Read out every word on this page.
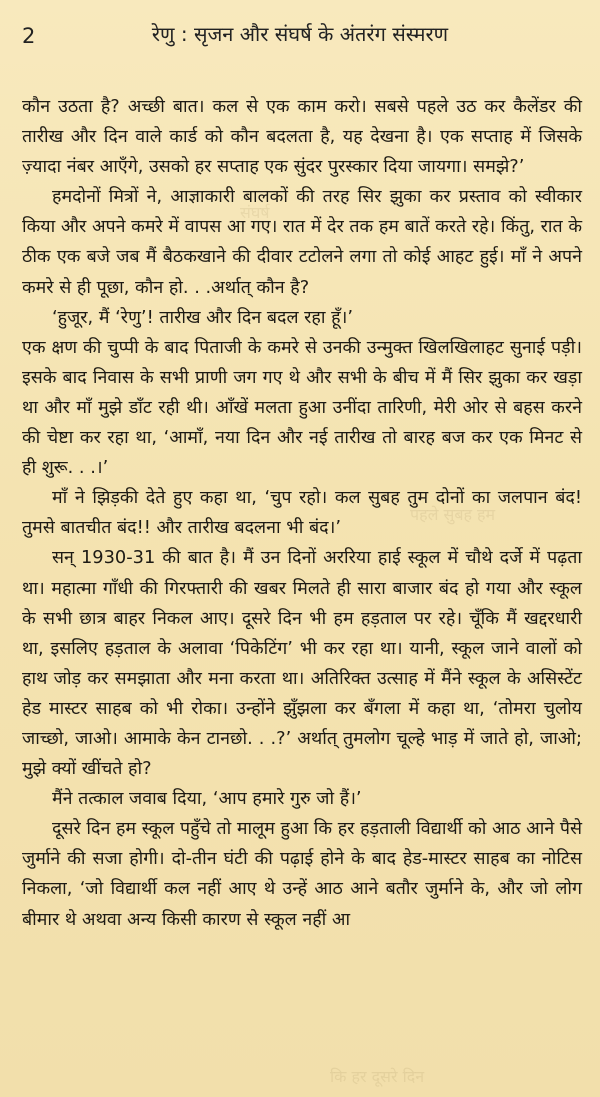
2	रेणु : सृजन और संघर्ष के अंतरंग संस्मरण
संघर्ष
पहले सुबह हम
कि हर दूसरे दिन

कौन उठता है? अच्छी बात। कल से एक काम करो। सबसे पहले उठ कर कैलेंडर की तारीख और दिन वाले कार्ड को कौन बदलता है, यह देखना है। एक सप्ताह में जिसके ज़्यादा नंबर आएँगे, उसको हर सप्ताह एक सुंदर पुरस्कार दिया जायगा। समझे?’

हमदोनों मित्रों ने, आज्ञाकारी बालकों की तरह सिर झुका कर प्रस्ताव को स्वीकार किया और अपने कमरे में वापस आ गए। रात में देर तक हम बातें करते रहे। किंतु, रात के ठीक एक बजे जब मैं बैठकखाने की दीवार टटोलने लगा तो कोई आहट हुई। माँ ने अपने कमरे से ही पूछा, कौन हो. . .अर्थात् कौन है?

‘हुजूर, मैं ‘रेणु’! तारीख और दिन बदल रहा हूँ।’

एक क्षण की चुप्पी के बाद पिताजी के कमरे से उनकी उन्मुक्त खिलखिलाहट सुनाई पड़ी। इसके बाद निवास के सभी प्राणी जग गए थे और सभी के बीच में मैं सिर झुका कर खड़ा था और माँ मुझे डाँट रही थी। आँखें मलता हुआ उनींदा तारिणी, मेरी ओर से बहस करने की चेष्टा कर रहा था, ‘आमाँ, नया दिन और नई तारीख तो बारह बज कर एक मिनट से ही शुरू. . .।’

माँ ने झिड़की देते हुए कहा था, ‘चुप रहो। कल सुबह तुम दोनों का जलपान बंद! तुमसे बातचीत बंद!! और तारीख बदलना भी बंद।’

सन् 1930-31 की बात है। मैं उन दिनों अररिया हाई स्कूल में चौथे दर्जे में पढ़ता था। महात्मा गाँधी की गिरफ्तारी की खबर मिलते ही सारा बाजार बंद हो गया और स्कूल के सभी छात्र बाहर निकल आए। दूसरे दिन भी हम हड़ताल पर रहे। चूँकि मैं खद्दरधारी था, इसलिए हड़ताल के अलावा ‘पिकेटिंग’ भी कर रहा था। यानी, स्कूल जाने वालों को हाथ जोड़ कर समझाता और मना करता था। अतिरिक्त उत्साह में मैंने स्कूल के असिस्टेंट हेड मास्टर साहब को भी रोका। उन्होंने झुँझला कर बँगला में कहा था, ‘तोमरा चुलोय जाच्छो, जाओ। आमाके केन टानछो. . .?’ अर्थात् तुमलोग चूल्हे भाड़ में जाते हो, जाओ; मुझे क्यों खींचते हो?

मैंने तत्काल जवाब दिया, ‘आप हमारे गुरु जो हैं।’

दूसरे दिन हम स्कूल पहुँचे तो मालूम हुआ कि हर हड़ताली विद्यार्थी को आठ आने पैसे जुर्माने की सजा होगी। दो-तीन घंटी की पढ़ाई होने के बाद हेड-मास्टर साहब का नोटिस निकला, ‘जो विद्यार्थी कल नहीं आए थे उन्हें आठ आने बतौर जुर्माने के, और जो लोग बीमार थे अथवा अन्य किसी कारण से स्कूल नहीं आ
